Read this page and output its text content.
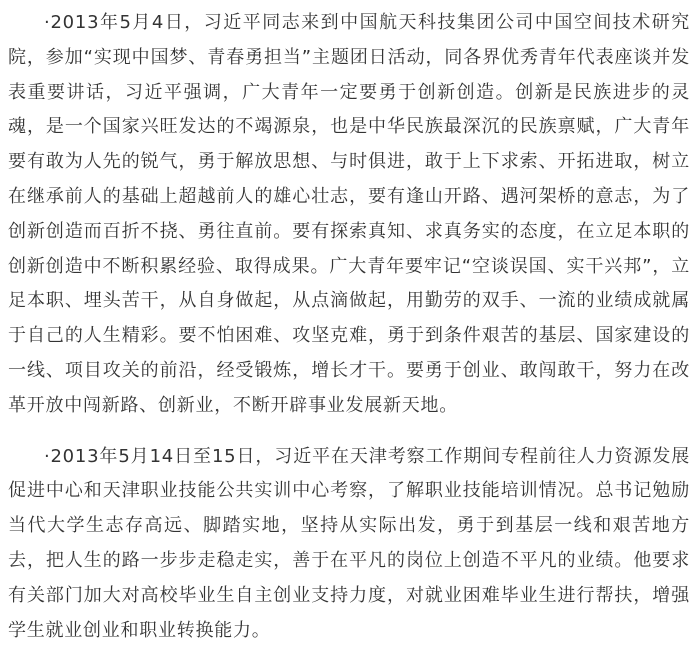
·2013年5月4日，习近平同志来到中国航天科技集团公司中国空间技术研究院，参加“实现中国梦、青春勇担当”主题团日活动，同各界优秀青年代表座谈并发表重要讲话，习近平强调，广大青年一定要勇于创新创造。创新是民族进步的灵魂，是一个国家兴旺发达的不竭源泉，也是中华民族最深沉的民族禀赋，广大青年要有敢为人先的锐气，勇于解放思想、与时俱进，敢于上下求索、开拓进取，树立在继承前人的基础上超越前人的雄心壮志，要有逢山开路、遇河架桥的意志，为了创新创造而百折不挠、勇往直前。要有探索真知、求真务实的态度，在立足本职的创新创造中不断积累经验、取得成果。广大青年要牢记“空谈误国、实干兴邦”，立足本职、埋头苦干，从自身做起，从点滴做起，用勤劳的双手、一流的业绩成就属于自己的人生精彩。要不怕困难、攻坚克难，勇于到条件艰苦的基层、国家建设的一线、项目攻关的前沿，经受锻炼，增长才干。要勇于创业、敢闯敢干，努力在改革开放中闯新路、创新业，不断开辟事业发展新天地。

·2013年5月14日至15日，习近平在天津考察工作期间专程前往人力资源发展促进中心和天津职业技能公共实训中心考察，了解职业技能培训情况。总书记勉励当代大学生志存高远、脚踏实地，坚持从实际出发，勇于到基层一线和艰苦地方去，把人生的路一步步走稳走实，善于在平凡的岗位上创造不平凡的业绩。他要求有关部门加大对高校毕业生自主创业支持力度，对就业困难毕业生进行帮扶，增强学生就业创业和职业转换能力。
